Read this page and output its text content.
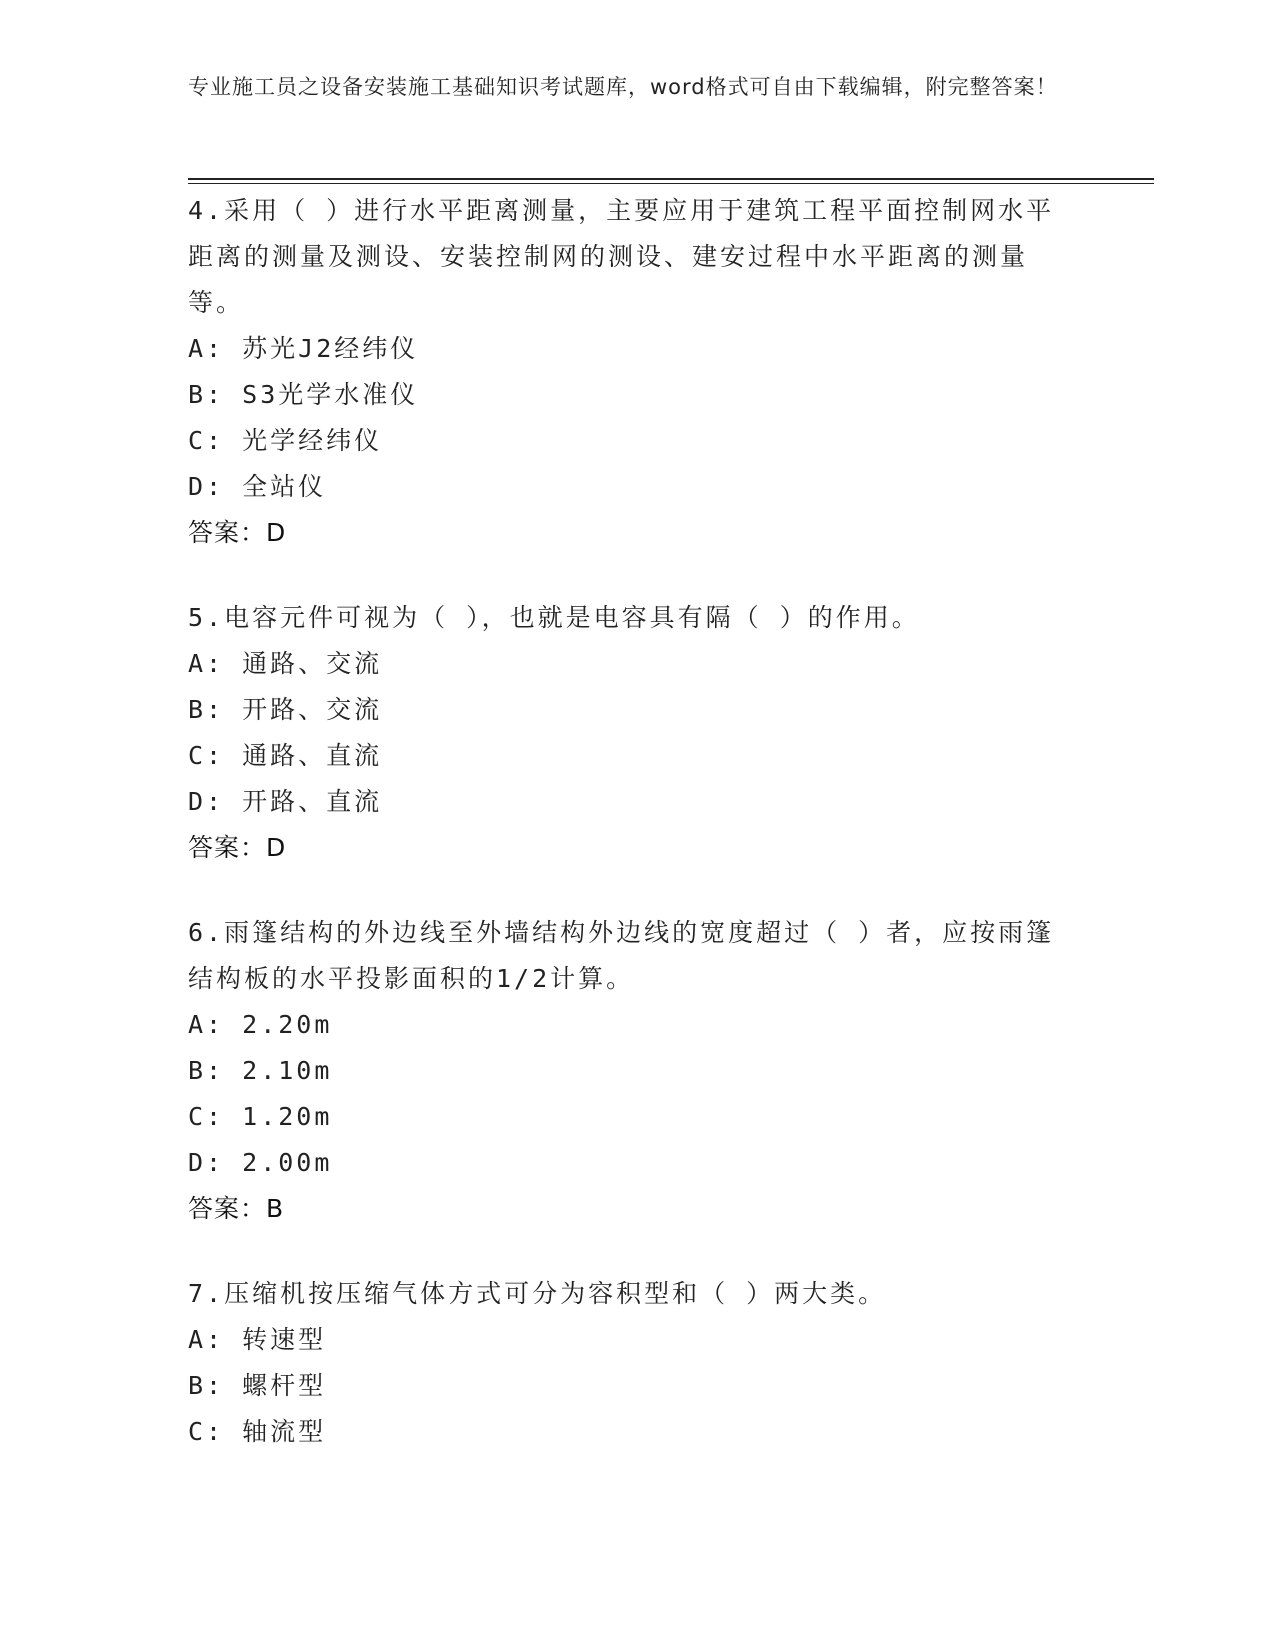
专业施工员之设备安装施工基础知识考试题库，word格式可自由下载编辑，附完整答案！
4.采用（ ）进行水平距离测量，主要应用于建筑工程平面控制网水平距离的测量及测设、安装控制网的测设、建安过程中水平距离的测量等。
A: 苏光J2经纬仪
B: S3光学水准仪
C: 光学经纬仪
D: 全站仪
答案：D
5.电容元件可视为（ ），也就是电容具有隔（ ）的作用。
A: 通路、交流
B: 开路、交流
C: 通路、直流
D: 开路、直流
答案：D
6.雨篷结构的外边线至外墙结构外边线的宽度超过（ ）者，应按雨篷结构板的水平投影面积的1/2计算。
A: 2.20m
B: 2.10m
C: 1.20m
D: 2.00m
答案：B
7.压缩机按压缩气体方式可分为容积型和（ ）两大类。
A: 转速型
B: 螺杆型
C: 轴流型
